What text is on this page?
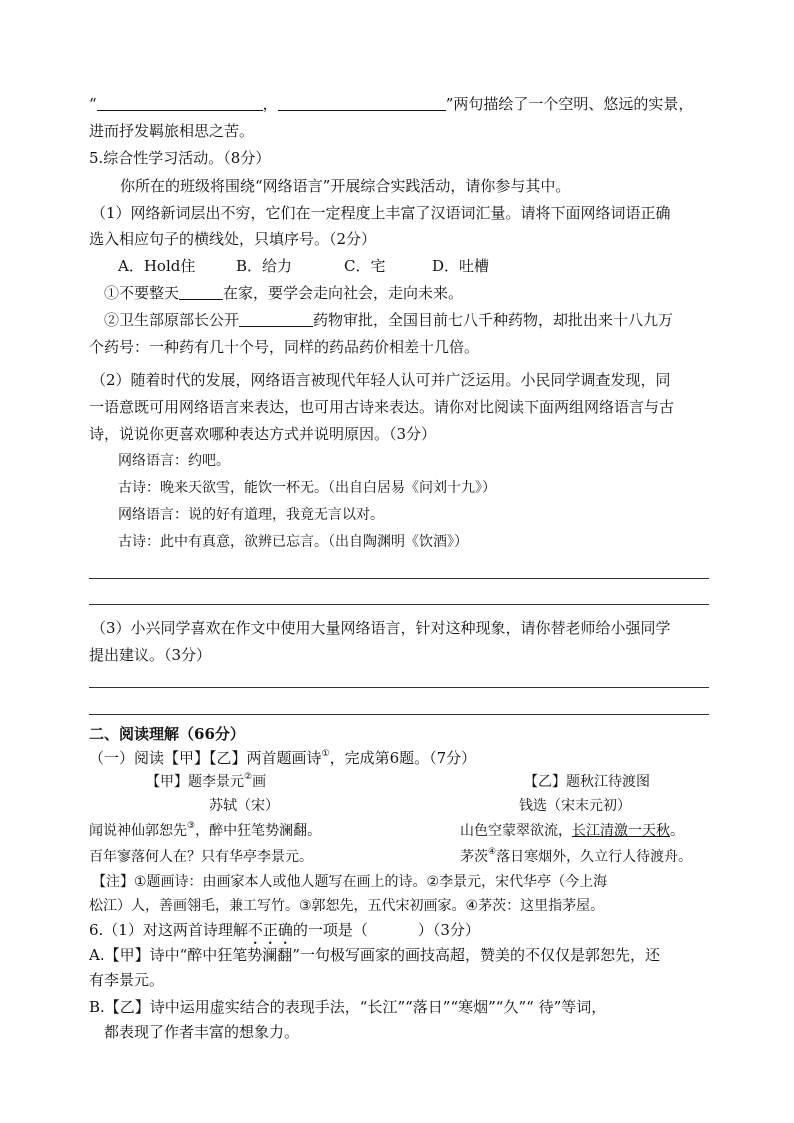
“	，	”两句描绘了一个空明、悠远的实景，
进而抒发羁旅相思之苦。
5.综合性学习活动。（8分）
你所在的班级将围绕“网络语言”开展综合实践活动，请你参与其中。
（1）网络新词层出不穷，它们在一定程度上丰富了汉语词汇量。请将下面网络词语正确
选入相应句子的横线处，只填序号。（2分）
A．Hold住	B．给力	C．宅	D．吐槽
①不要整天	在家，要学会走向社会，走向未来。
②卫生部原部长公开	药物审批，全国目前七八千种药物，却批出来十八九万
个药号：一种药有几十个号，同样的药品药价相差十几倍。
（2）随着时代的发展，网络语言被现代年轻人认可并广泛运用。小民同学调查发现，同
一语意既可用网络语言来表达，也可用古诗来表达。请你对比阅读下面两组网络语言与古
诗，说说你更喜欢哪种表达方式并说明原因。（3分）
网络语言：约吧。
古诗：晚来天欲雪，能饮一杯无。（出自白居易《问刘十九》）
网络语言：说的好有道理，我竟无言以对。
古诗：此中有真意，欲辨已忘言。（出自陶渊明《饮酒》）
（3）小兴同学喜欢在作文中使用大量网络语言，针对这种现象，请你替老师给小强同学
提出建议。（3分）
二、阅读理解（66分）
（一）阅读【甲】【乙】两首题画诗①，完成第6题。（7分）
【甲】题李景元②画
苏轼（宋）
闻说神仙郭恕先③，醉中狂笔势澜翻。
百年寥落何人在？只有华亭李景元。
【乙】题秋江待渡图
钱选（宋末元初）
山色空蒙翠欲流，长江清激一天秋。
茅茨④落日寒烟外，久立行人待渡舟。
【注】①题画诗：由画家本人或他人题写在画上的诗。②李景元，宋代华亭（今上海
松江）人，善画翎毛，兼工写竹。③郭恕先，五代宋初画家。④茅茨：这里指茅屋。
6.（1）对这两首诗理解不正确的一项是（	）（3分）
A.【甲】诗中“醉中狂笔势澜翻”一句极写画家的画技高超，赞美的不仅仅是郭恕先，还
有李景元。
B.【乙】诗中运用虚实结合的表现手法，“长江”“落日”“寒烟”“久”“ 待”等词，
都表现了作者丰富的想象力。
